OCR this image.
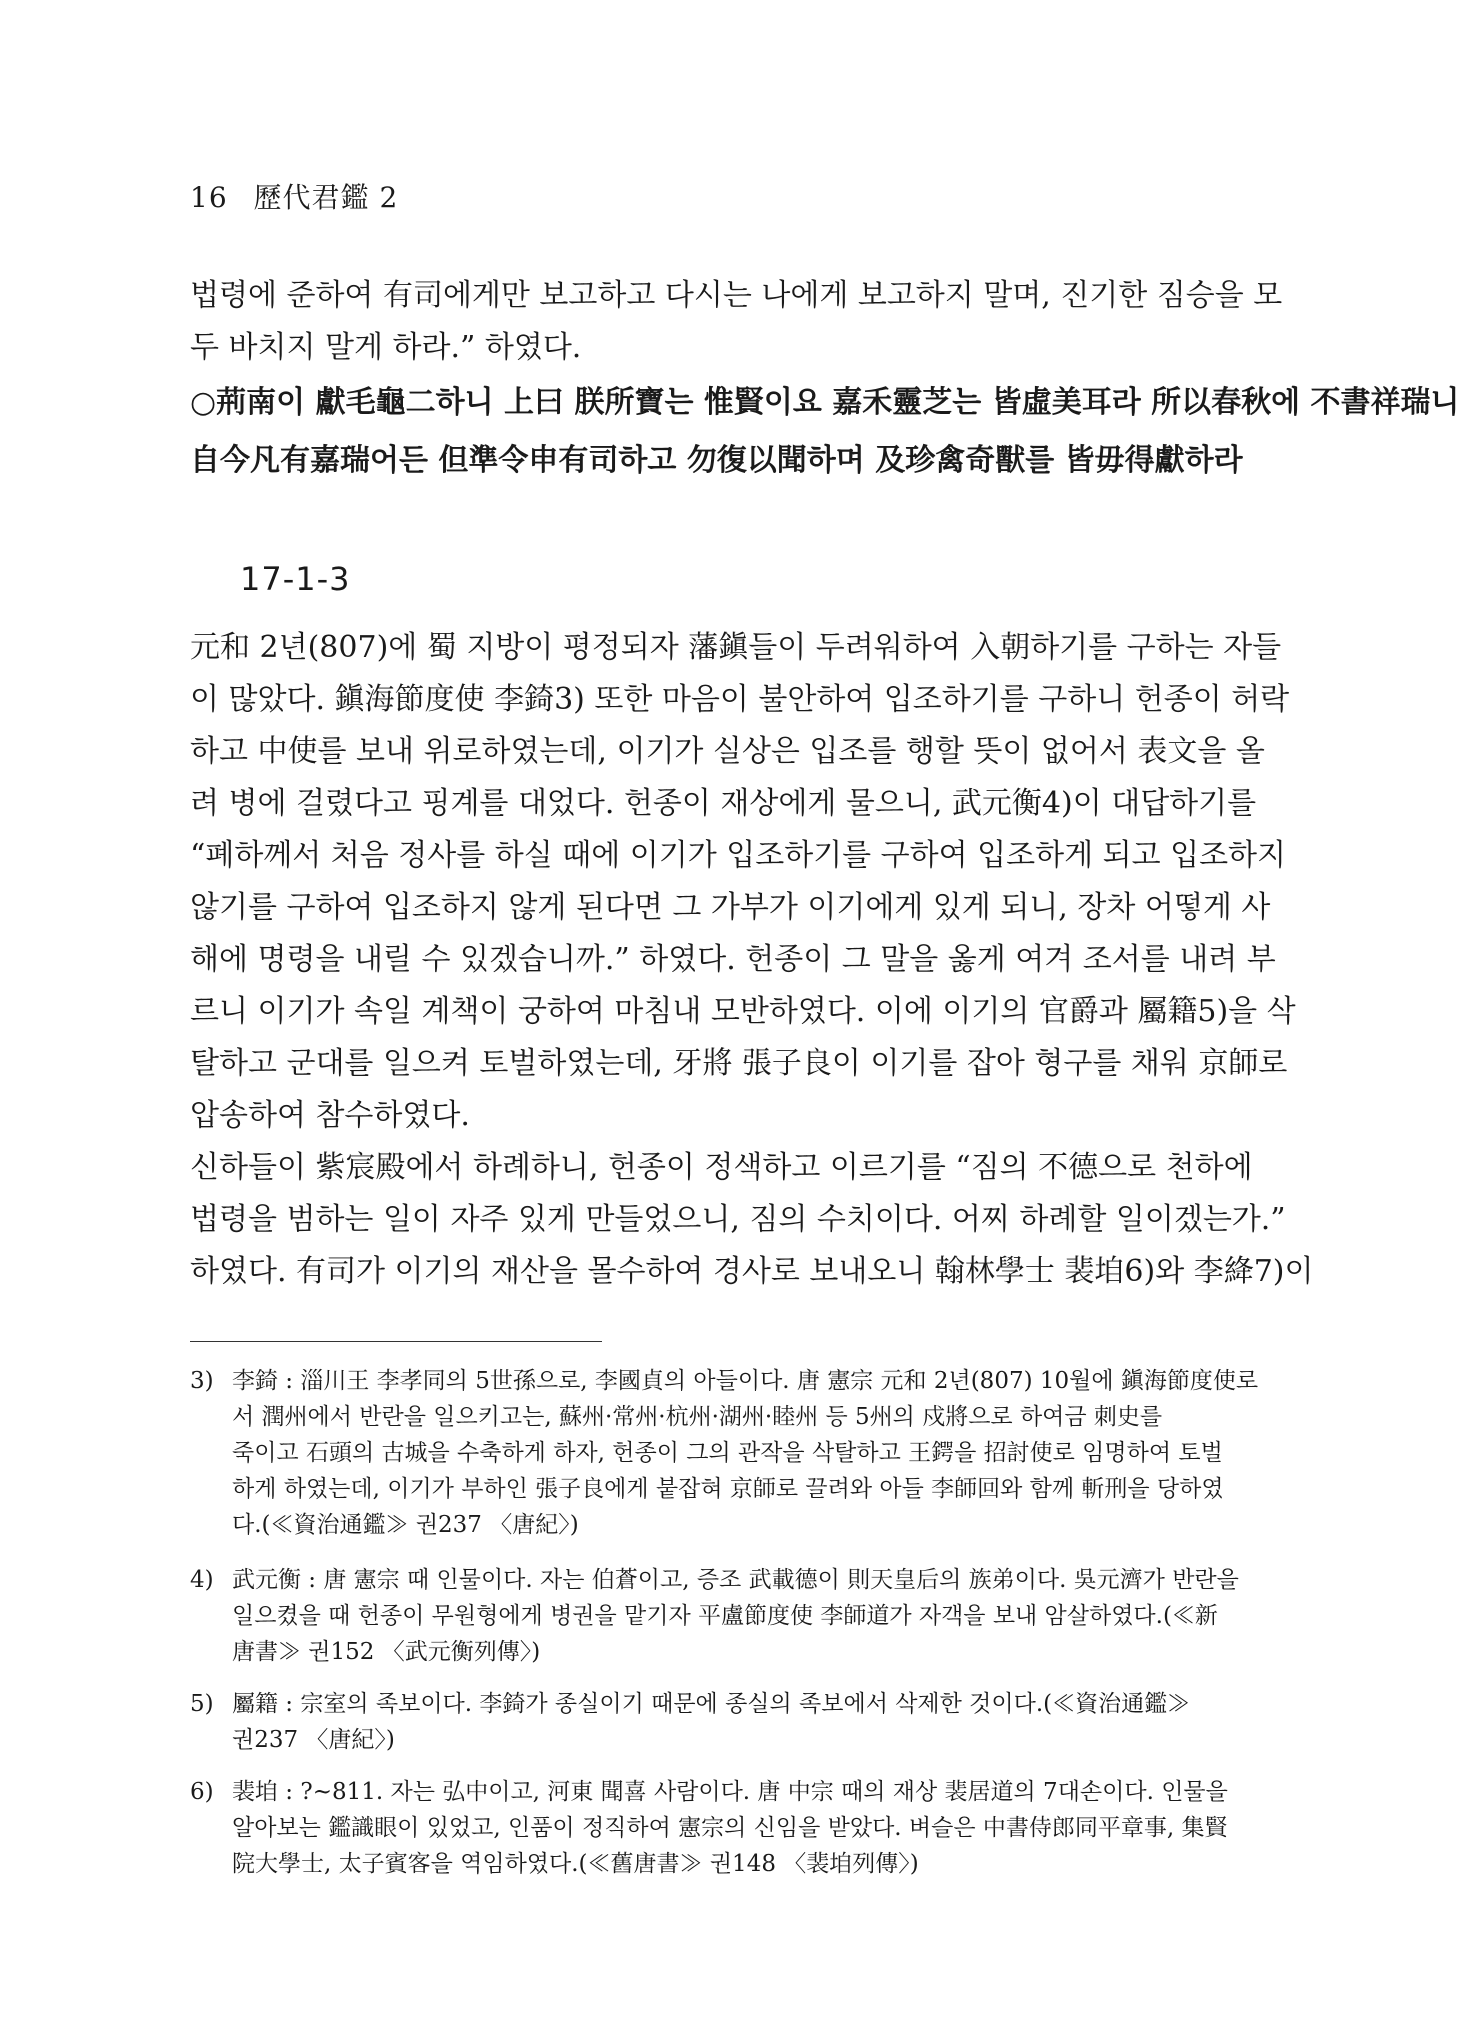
16 歷代君鑑 2
법령에 준하여 有司에게만 보고하고 다시는 나에게 보고하지 말며, 진기한 짐승을 모
두 바치지 말게 하라.” 하였다.
○荊南이 獻毛龜二하니 上曰 朕所寶는 惟賢이요 嘉禾靈芝는 皆虛美耳라 所以春秋에 不書祥瑞니
自今凡有嘉瑞어든 但準令申有司하고 勿復以聞하며 及珍禽奇獸를 皆毋得獻하라
17-1-3
元和 2년(807)에 蜀 지방이 평정되자 藩鎭들이 두려워하여 入朝하기를 구하는 자들
이 많았다. 鎭海節度使 李錡3) 또한 마음이 불안하여 입조하기를 구하니 헌종이 허락
하고 中使를 보내 위로하였는데, 이기가 실상은 입조를 행할 뜻이 없어서 表文을 올
려 병에 걸렸다고 핑계를 대었다. 헌종이 재상에게 물으니, 武元衡4)이 대답하기를
“폐하께서 처음 정사를 하실 때에 이기가 입조하기를 구하여 입조하게 되고 입조하지
않기를 구하여 입조하지 않게 된다면 그 가부가 이기에게 있게 되니, 장차 어떻게 사
해에 명령을 내릴 수 있겠습니까.” 하였다. 헌종이 그 말을 옳게 여겨 조서를 내려 부
르니 이기가 속일 계책이 궁하여 마침내 모반하였다. 이에 이기의 官爵과 屬籍5)을 삭
탈하고 군대를 일으켜 토벌하였는데, 牙將 張子良이 이기를 잡아 형구를 채워 京師로
압송하여 참수하였다.
신하들이 紫宸殿에서 하례하니, 헌종이 정색하고 이르기를 “짐의 不德으로 천하에
법령을 범하는 일이 자주 있게 만들었으니, 짐의 수치이다. 어찌 하례할 일이겠는가.”
하였다. 有司가 이기의 재산을 몰수하여 경사로 보내오니 翰林學士 裴垍6)와 李絳7)이
3) 李錡 : 淄川王 李孝同의 5世孫으로, 李國貞의 아들이다. 唐 憲宗 元和 2년(807) 10월에 鎭海節度使로
서 潤州에서 반란을 일으키고는, 蘇州·常州·杭州·湖州·睦州 등 5州의 戍將으로 하여금 刺史를
죽이고 石頭의 古城을 수축하게 하자, 헌종이 그의 관작을 삭탈하고 王鍔을 招討使로 임명하여 토벌
하게 하였는데, 이기가 부하인 張子良에게 붙잡혀 京師로 끌려와 아들 李師回와 함께 斬刑을 당하였
다.(≪資治通鑑≫ 권237 〈唐紀〉)
4) 武元衡 : 唐 憲宗 때 인물이다. 자는 伯蒼이고, 증조 武載德이 則天皇后의 族弟이다. 吳元濟가 반란을
일으켰을 때 헌종이 무원형에게 병권을 맡기자 平盧節度使 李師道가 자객을 보내 암살하였다.(≪新
唐書≫ 권152 〈武元衡列傳〉)
5) 屬籍 : 宗室의 족보이다. 李錡가 종실이기 때문에 종실의 족보에서 삭제한 것이다.(≪資治通鑑≫
권237 〈唐紀〉)
6) 裴垍 : ?~811. 자는 弘中이고, 河東 聞喜 사람이다. 唐 中宗 때의 재상 裴居道의 7대손이다. 인물을
알아보는 鑑識眼이 있었고, 인품이 정직하여 憲宗의 신임을 받았다. 벼슬은 中書侍郎同平章事, 集賢
院大學士, 太子賓客을 역임하였다.(≪舊唐書≫ 권148 〈裴垍列傳〉)
